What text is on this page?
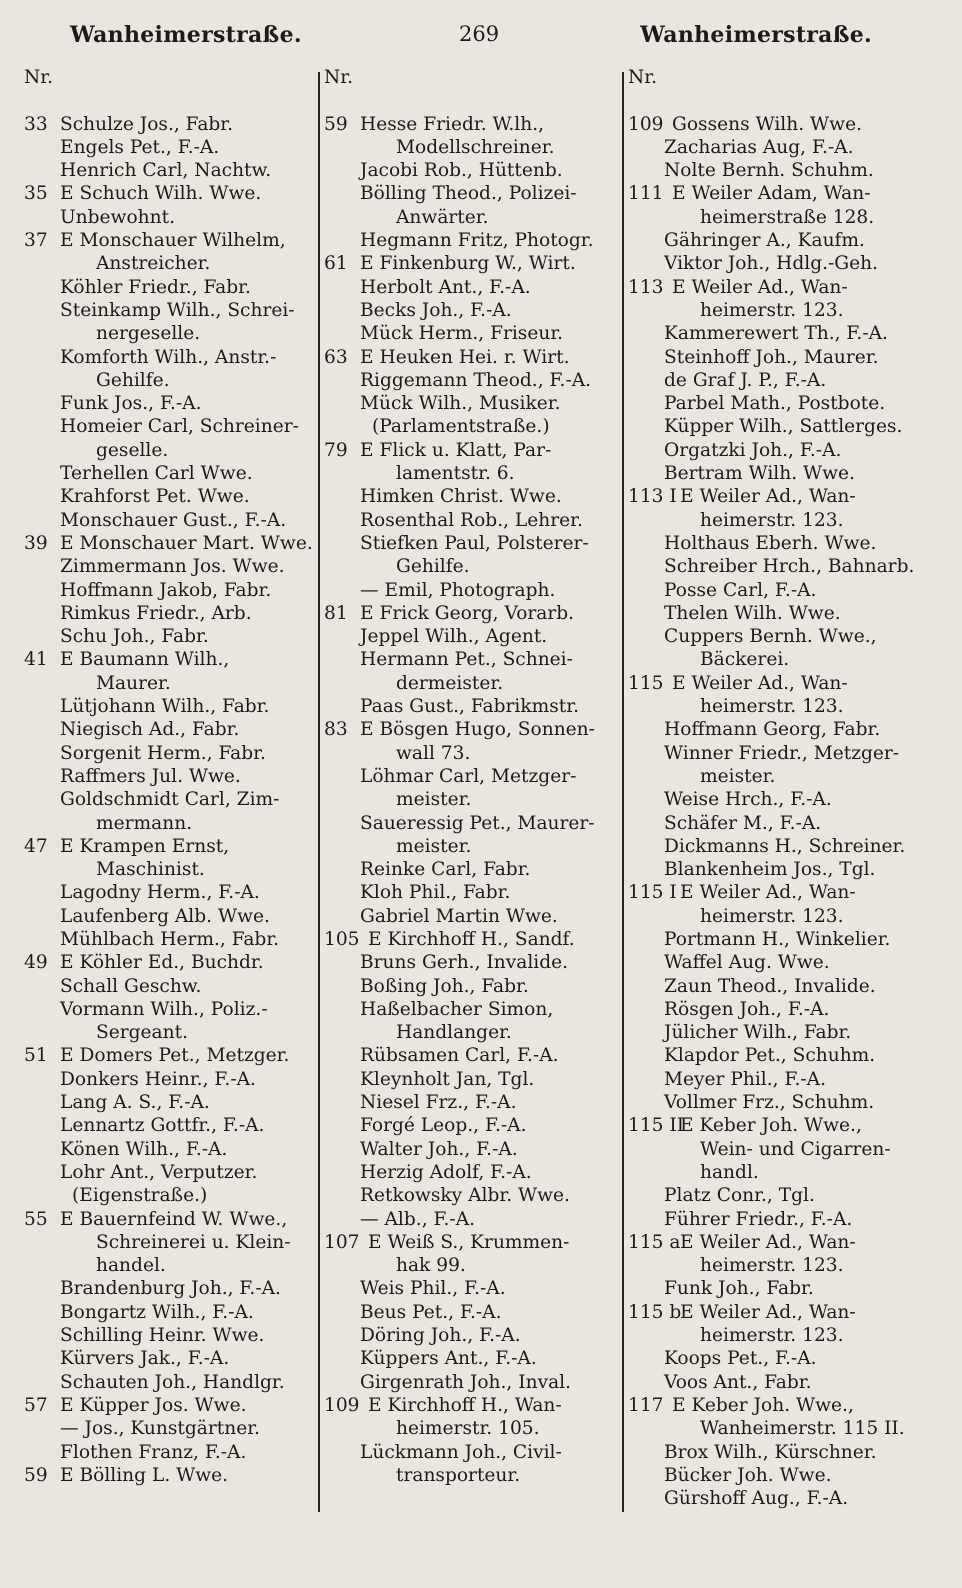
Wanheimerstraße.	269	Wanheimerstraße.
Nr.
33 Schulze Jos., Fabr.
Engels Pet., F.-A.
Henrich Carl, Nachtw.
35 E Schuch Wilh. Wwe.
Unbewohnt.
37 E Monschauer Wilhelm,
Anstreicher.
Köhler Friedr., Fabr.
Steinkamp Wilh., Schrei-
nergeselle.
Komforth Wilh., Anstr.-
Gehilfe.
Funk Jos., F.-A.
Homeier Carl, Schreiner-
geselle.
Terhellen Carl Wwe.
Krahforst Pet. Wwe.
Monschauer Gust., F.-A.
39 E Monschauer Mart. Wwe.
Zimmermann Jos. Wwe.
Hoffmann Jakob, Fabr.
Rimkus Friedr., Arb.
Schu Joh., Fabr.
41 E Baumann Wilh.,
Maurer.
Lütjohann Wilh., Fabr.
Niegisch Ad., Fabr.
Sorgenit Herm., Fabr.
Raffmers Jul. Wwe.
Goldschmidt Carl, Zim-
mermann.
47 E Krampen Ernst,
Maschinist.
Lagodny Herm., F.-A.
Laufenberg Alb. Wwe.
Mühlbach Herm., Fabr.
49 E Köhler Ed., Buchdr.
Schall Geschw.
Vormann Wilh., Poliz.-
Sergeant.
51 E Domers Pet., Metzger.
Donkers Heinr., F.-A.
Lang A. S., F.-A.
Lennartz Gottfr., F.-A.
Könen Wilh., F.-A.
Lohr Ant., Verputzer.
(Eigenstraße.)
55 E Bauernfeind W. Wwe.,
Schreinerei u. Klein-
handel.
Brandenburg Joh., F.-A.
Bongartz Wilh., F.-A.
Schilling Heinr. Wwe.
Kürvers Jak., F.-A.
Schauten Joh., Handlgr.
57 E Küpper Jos. Wwe.
— Jos., Kunstgärtner.
Flothen Franz, F.-A.
59 E Bölling L. Wwe.
Nr.
59 Hesse Friedr. W.lh.,
Modellschreiner.
Jacobi Rob., Hüttenb.
Bölling Theod., Polizei-
Anwärter.
Hegmann Fritz, Photogr.
61 E Finkenburg W., Wirt.
Herbolt Ant., F.-A.
Becks Joh., F.-A.
Mück Herm., Friseur.
63 E Heuken Hei. r. Wirt.
Riggemann Theod., F.-A.
Mück Wilh., Musiker.
(Parlamentstraße.)
79 E Flick u. Klatt, Par-
lamentstr. 6.
Himken Christ. Wwe.
Rosenthal Rob., Lehrer.
Stiefken Paul, Polsterer-
Gehilfe.
— Emil, Photograph.
81 E Frick Georg, Vorarb.
Jeppel Wilh., Agent.
Hermann Pet., Schnei-
dermeister.
Paas Gust., Fabrikmstr.
83 E Bösgen Hugo, Sonnen-
wall 73.
Löhmar Carl, Metzger-
meister.
Saueressig Pet., Maurer-
meister.
Reinke Carl, Fabr.
Kloh Phil., Fabr.
Gabriel Martin Wwe.
105 E Kirchhoff H., Sandf.
Bruns Gerh., Invalide.
Boßing Joh., Fabr.
Haßelbacher Simon,
Handlanger.
Rübsamen Carl, F.-A.
Kleynholt Jan, Tgl.
Niesel Frz., F.-A.
Forgé Leop., F.-A.
Walter Joh., F.-A.
Herzig Adolf, F.-A.
Retkowsky Albr. Wwe.
— Alb., F.-A.
107 E Weiß S., Krummen-
hak 99.
Weis Phil., F.-A.
Beus Pet., F.-A.
Döring Joh., F.-A.
Küppers Ant., F.-A.
Girgenrath Joh., Inval.
109 E Kirchhoff H., Wan-
heimerstr. 105.
Lückmann Joh., Civil-
transporteur.
Nr.
109 Gossens Wilh. Wwe.
Zacharias Aug, F.-A.
Nolte Bernh. Schuhm.
111 E Weiler Adam, Wan-
heimerstraße 128.
Gähringer A., Kaufm.
Viktor Joh., Hdlg.-Geh.
113 E Weiler Ad., Wan-
heimerstr. 123.
Kammerewert Th., F.-A.
Steinhoff Joh., Maurer.
de Graf J. P., F.-A.
Parbel Math., Postbote.
Küpper Wilh., Sattlerges.
Orgatzki Joh., F.-A.
Bertram Wilh. Wwe.
113 I E Weiler Ad., Wan-
heimerstr. 123.
Holthaus Eberh. Wwe.
Schreiber Hrch., Bahnarb.
Posse Carl, F.-A.
Thelen Wilh. Wwe.
Cuppers Bernh. Wwe.,
Bäckerei.
115 E Weiler Ad., Wan-
heimerstr. 123.
Hoffmann Georg, Fabr.
Winner Friedr., Metzger-
meister.
Weise Hrch., F.-A.
Schäfer M., F.-A.
Dickmanns H., Schreiner.
Blankenheim Jos., Tgl.
115 I E Weiler Ad., Wan-
heimerstr. 123.
Portmann H., Winkelier.
Waffel Aug. Wwe.
Zaun Theod., Invalide.
Rösgen Joh., F.-A.
Jülicher Wilh., Fabr.
Klapdor Pet., Schuhm.
Meyer Phil., F.-A.
Vollmer Frz., Schuhm.
115 IIE Keber Joh. Wwe.,
Wein- und Cigarren-
handl.
Platz Conr., Tgl.
Führer Friedr., F.-A.
115 aE Weiler Ad., Wan-
heimerstr. 123.
Funk Joh., Fabr.
115 bE Weiler Ad., Wan-
heimerstr. 123.
Koops Pet., F.-A.
Voos Ant., Fabr.
117 E Keber Joh. Wwe.,
Wanheimerstr. 115 II.
Brox Wilh., Kürschner.
Bücker Joh. Wwe.
Gürshoff Aug., F.-A.
